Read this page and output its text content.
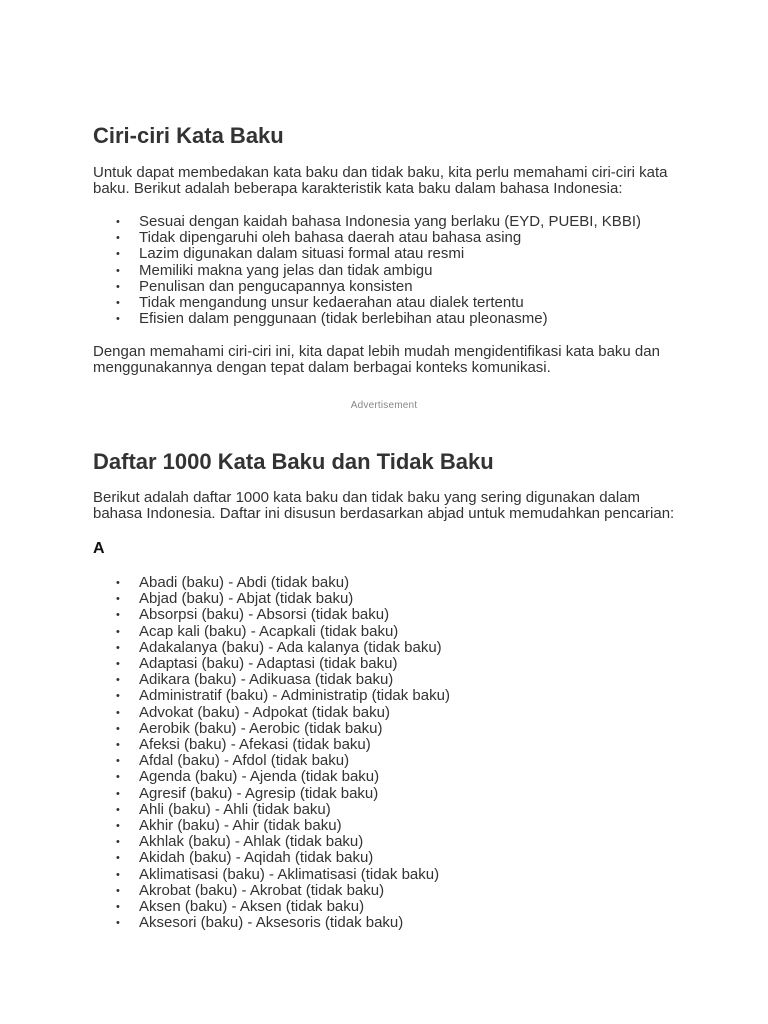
Ciri-ciri Kata Baku

Untuk dapat membedakan kata baku dan tidak baku, kita perlu memahami ciri-ciri kata baku. Berikut adalah beberapa karakteristik kata baku dalam bahasa Indonesia:

• Sesuai dengan kaidah bahasa Indonesia yang berlaku (EYD, PUEBI, KBBI)
• Tidak dipengaruhi oleh bahasa daerah atau bahasa asing
• Lazim digunakan dalam situasi formal atau resmi
• Memiliki makna yang jelas dan tidak ambigu
• Penulisan dan pengucapannya konsisten
• Tidak mengandung unsur kedaerahan atau dialek tertentu
• Efisien dalam penggunaan (tidak berlebihan atau pleonasme)

Dengan memahami ciri-ciri ini, kita dapat lebih mudah mengidentifikasi kata baku dan menggunakannya dengan tepat dalam berbagai konteks komunikasi.

Daftar 1000 Kata Baku dan Tidak Baku

Berikut adalah daftar 1000 kata baku dan tidak baku yang sering digunakan dalam bahasa Indonesia. Daftar ini disusun berdasarkan abjad untuk memudahkan pencarian:

A
• Abadi (baku) - Abdi (tidak baku)
• Abjad (baku) - Abjat (tidak baku)
• Absorpsi (baku) - Absorsi (tidak baku)
• Acap kali (baku) - Acapkali (tidak baku)
• Adakalanya (baku) - Ada kalanya (tidak baku)
• Adaptasi (baku) - Adaptasi (tidak baku)
• Adikara (baku) - Adikuasa (tidak baku)
• Administratif (baku) - Administratip (tidak baku)
• Advokat (baku) - Adpokat (tidak baku)
• Aerobik (baku) - Aerobic (tidak baku)
• Afeksi (baku) - Afekasi (tidak baku)
• Afdal (baku) - Afdol (tidak baku)
• Agenda (baku) - Ajenda (tidak baku)
• Agresif (baku) - Agresip (tidak baku)
• Ahli (baku) - Ahli (tidak baku)
• Akhir (baku) - Ahir (tidak baku)
• Akhlak (baku) - Ahlak (tidak baku)
• Akidah (baku) - Aqidah (tidak baku)
• Aklimatisasi (baku) - Aklimatisasi (tidak baku)
• Akrobat (baku) - Akrobat (tidak baku)
• Aksen (baku) - Aksen (tidak baku)
• Aksesori (baku) - Aksesoris (tidak baku)
Advertisement
